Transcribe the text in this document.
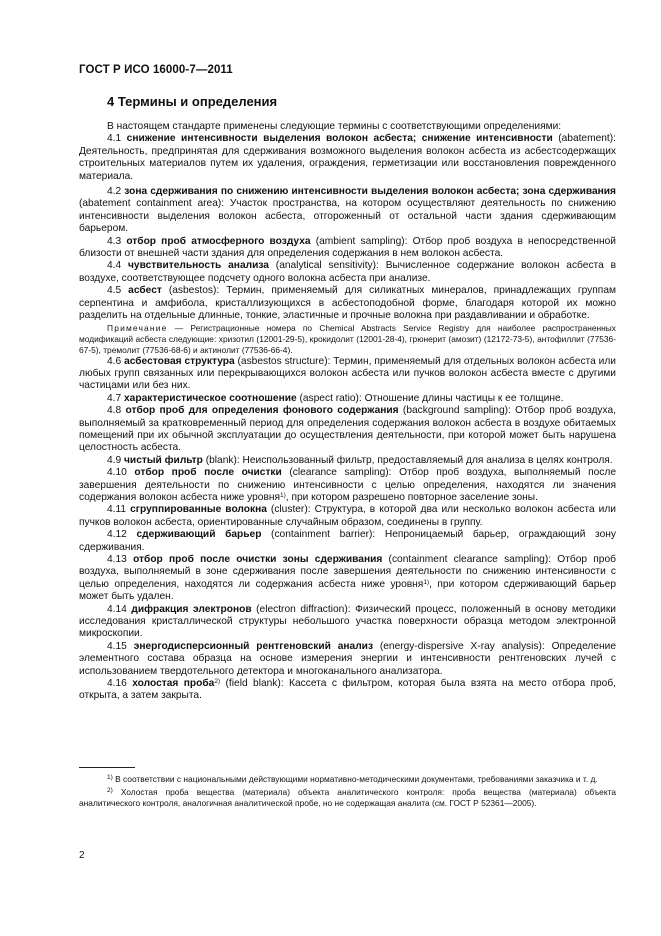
ГОСТ Р ИСО 16000-7—2011
4 Термины и определения

В настоящем стандарте применены следующие термины с соответствующими определениями:

4.1 снижение интенсивности выделения волокон асбеста; снижение интенсивности (abatement): Деятельность, предпринятая для сдерживания возможного выделения волокон асбеста из асбестсодержащих строительных материалов путем их удаления, ограждения, герметизации или восстановления поврежденного материала.

4.2 зона сдерживания по снижению интенсивности выделения волокон асбеста; зона сдерживания (abatement containment area): Участок пространства, на котором осуществляют деятельность по снижению интенсивности выделения волокон асбеста, отгороженный от остальной части здания сдерживающим барьером.

4.3 отбор проб атмосферного воздуха (ambient sampling): Отбор проб воздуха в непосредственной близости от внешней части здания для определения содержания в нем волокон асбеста.

4.4 чувствительность анализа (analytical sensitivity): Вычисленное содержание волокон асбеста в воздухе, соответствующее подсчету одного волокна асбеста при анализе.

4.5 асбест (asbestos): Термин, применяемый для силикатных минералов, принадлежащих группам серпентина и амфибола, кристаллизующихся в асбестоподобной форме, благодаря которой их можно разделить на отдельные длинные, тонкие, эластичные и прочные волокна при раздавливании и обработке.

Примечание — Регистрационные номера по Chemical Abstracts Service Registry для наиболее распространенных модификаций асбеста следующие: хризотил (12001-29-5), крокидолит (12001-28-4), грюнерит (амозит) (12172-73-5), антофиллит (77536-67-5), тремолит (77536-68-6) и актинолит (77536-66-4).

4.6 асбестовая структура (asbestos structure): Термин, применяемый для отдельных волокон асбеста или любых групп связанных или перекрывающихся волокон асбеста или пучков волокон асбеста вместе с другими частицами или без них.

4.7 характеристическое соотношение (aspect ratio): Отношение длины частицы к ее толщине.

4.8 отбор проб для определения фонового содержания (background sampling): Отбор проб воздуха, выполняемый за кратковременный период для определения содержания волокон асбеста в воздухе обитаемых помещений при их обычной эксплуатации до осуществления деятельности, при которой может быть нарушена целостность асбеста.

4.9 чистый фильтр (blank): Неиспользованный фильтр, предоставляемый для анализа в целях контроля.

4.10 отбор проб после очистки (clearance sampling): Отбор проб воздуха, выполняемый после завершения деятельности по снижению интенсивности с целью определения, находятся ли значения содержания волокон асбеста ниже уровня$^{1)}$, при котором разрешено повторное заселение зоны.

4.11 сгруппированные волокна (cluster): Структура, в которой два или несколько волокон асбеста или пучков волокон асбеста, ориентированные случайным образом, соединены в группу.

4.12 сдерживающий барьер (containment barrier): Непроницаемый барьер, ограждающий зону сдерживания.

4.13 отбор проб после очистки зоны сдерживания (containment clearance sampling): Отбор проб воздуха, выполняемый в зоне сдерживания после завершения деятельности по снижению интенсивности с целью определения, находятся ли содержания асбеста ниже уровня$^{1)}$, при котором сдерживающий барьер может быть удален.

4.14 дифракция электронов (electron diffraction): Физический процесс, положенный в основу методики исследования кристаллической структуры небольшого участка поверхности образца методом электронной микроскопии.

4.15 энергодисперсионный рентгеновский анализ (energy-dispersive X-ray analysis): Определение элементного состава образца на основе измерения энергии и интенсивности рентгеновских лучей с использованием твердотельного детектора и многоканального анализатора.

4.16 холостая проба$^{2)}$ (field blank): Кассета с фильтром, которая была взята на место отбора проб, открыта, а затем закрыта.

$^{1)}$ В соответствии с национальными действующими нормативно-методическими документами, требованиями заказчика и т. д.

$^{2)}$ Холостая проба вещества (материала) объекта аналитического контроля: проба вещества (материала) объекта аналитического контроля, аналогичная аналитической пробе, но не содержащая аналита (см. ГОСТ Р 52361—2005).

2
